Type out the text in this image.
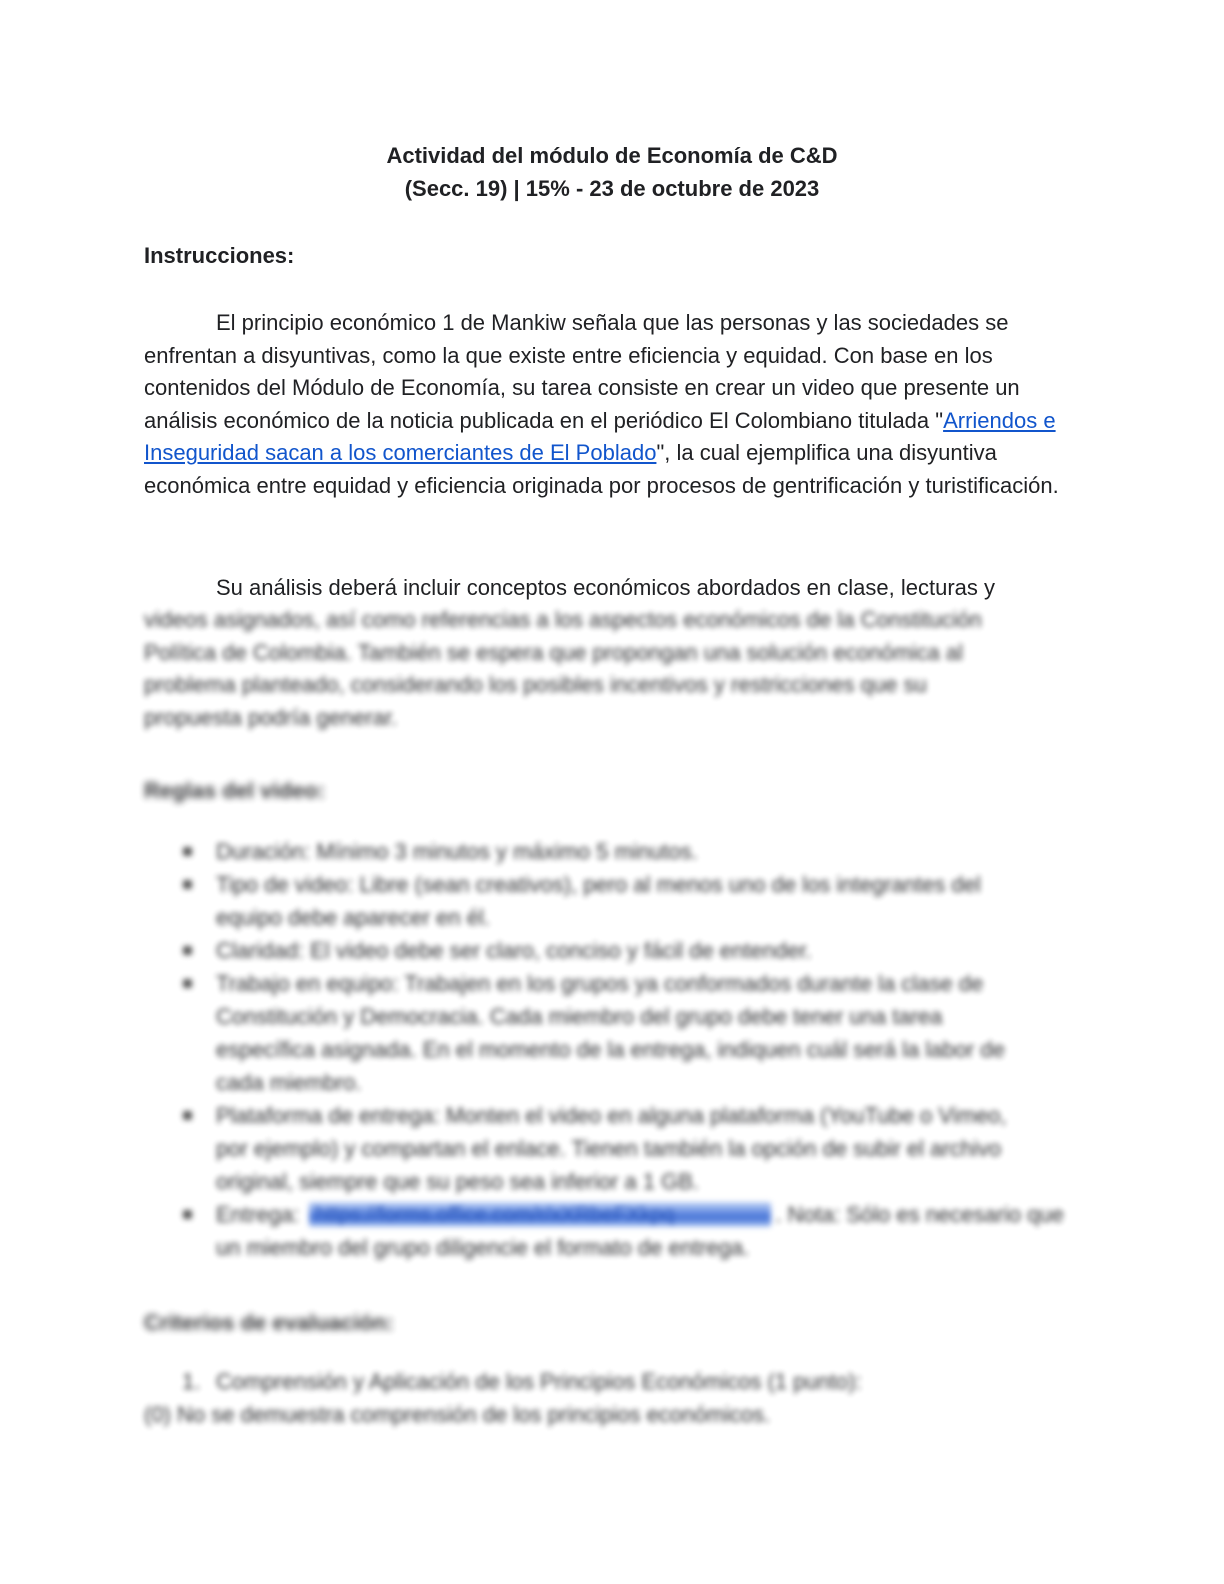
Actividad del módulo de Economía de C&D
(Secc. 19) | 15% - 23 de octubre de 2023
Instrucciones:
El principio económico 1 de Mankiw señala que las personas y las sociedades se enfrentan a disyuntivas, como la que existe entre eficiencia y equidad. Con base en los contenidos del Módulo de Economía, su tarea consiste en crear un video que presente un análisis económico de la noticia publicada en el periódico El Colombiano titulada "Arriendos e Inseguridad sacan a los comerciantes de El Poblado", la cual ejemplifica una disyuntiva económica entre equidad y eficiencia originada por procesos de gentrificación y turistificación.
Su análisis deberá incluir conceptos económicos abordados en clase, lecturas y
videos asignados, así como referencias a los aspectos económicos de la Constitución
Política de Colombia. También se espera que propongan una solución económica al
problema planteado, considerando los posibles incentivos y restricciones que su
propuesta podría generar.
Reglas del video:
Duración: Mínimo 3 minutos y máximo 5 minutos.
Tipo de video: Libre (sean creativos), pero al menos uno de los integrantes del
equipo debe aparecer en él.
Claridad: El video debe ser claro, conciso y fácil de entender.
Trabajo en equipo: Trabajen en los grupos ya conformados durante la clase de
Constitución y Democracia. Cada miembro del grupo debe tener una tarea
específica asignada. En el momento de la entrega, indiquen cuál será la labor de
cada miembro.
Plataforma de entrega: Monten el video en alguna plataforma (YouTube o Vimeo,
por ejemplo) y compartan el enlace. Tienen también la opción de subir el archivo
original, siempre que su peso sea inferior a 1 GB.
Entrega: https://forms.office.com/r/xXRbeFXkpq	. Nota: Sólo es necesario que
un miembro del grupo diligencie el formato de entrega.
Criterios de evaluación:
1. Comprensión y Aplicación de los Principios Económicos (1 punto):
(0) No se demuestra comprensión de los principios económicos.
